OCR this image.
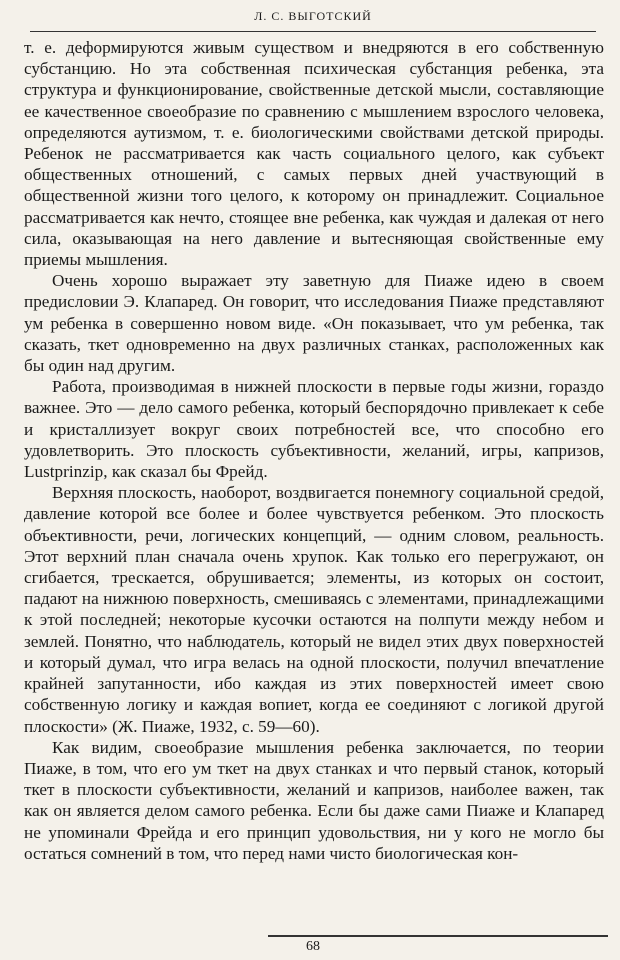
Л. С. ВЫГОТСКИЙ

т. е. деформируются живым существом и внедряются в его собственную субстанцию. Но эта собственная психическая субстанция ребенка, эта структура и функционирование, свойственные детской мысли, составляющие ее качественное своеобразие по сравнению с мышлением взрослого человека, определяются аутизмом, т. е. биологическими свойствами детской природы. Ребенок не рассматривается как часть социального целого, как субъект общественных отношений, с самых первых дней участвующий в общественной жизни того целого, к которому он принадлежит. Социальное рассматривается как нечто, стоящее вне ребенка, как чуждая и далекая от него сила, оказывающая на него давление и вытесняющая свойственные ему приемы мышления.

Очень хорошо выражает эту заветную для Пиаже идею в своем предисловии Э. Клапаред. Он говорит, что исследования Пиаже представляют ум ребенка в совершенно новом виде. «Он показывает, что ум ребенка, так сказать, ткет одновременно на двух различных станках, расположенных как бы один над другим.

Работа, производимая в нижней плоскости в первые годы жизни, гораздо важнее. Это — дело самого ребенка, который беспорядочно привлекает к себе и кристаллизует вокруг своих потребностей все, что способно его удовлетворить. Это плоскость субъективности, желаний, игры, капризов, Lustprinzip, как сказал бы Фрейд.

Верхняя плоскость, наоборот, воздвигается понемногу социальной средой, давление которой все более и более чувствуется ребенком. Это плоскость объективности, речи, логических концепций, — одним словом, реальность. Этот верхний план сначала очень хрупок. Как только его перегружают, он сгибается, трескается, обрушивается; элементы, из которых он состоит, падают на нижнюю поверхность, смешиваясь с элементами, принадлежащими к этой последней; некоторые кусочки остаются на полпути между небом и землей. Понятно, что наблюдатель, который не видел этих двух поверхностей и который думал, что игра велась на одной плоскости, получил впечатление крайней запутанности, ибо каждая из этих поверхностей имеет свою собственную логику и каждая вопиет, когда ее соединяют с логикой другой плоскости» (Ж. Пиаже, 1932, с. 59—60).

Как видим, своеобразие мышления ребенка заключается, по теории Пиаже, в том, что его ум ткет на двух станках и что первый станок, который ткет в плоскости субъективности, желаний и капризов, наиболее важен, так как он является делом самого ребенка. Если бы даже сами Пиаже и Клапаред не упоминали Фрейда и его принцип удовольствия, ни у кого не могло бы остаться сомнений в том, что перед нами чисто биологическая кон-

68
